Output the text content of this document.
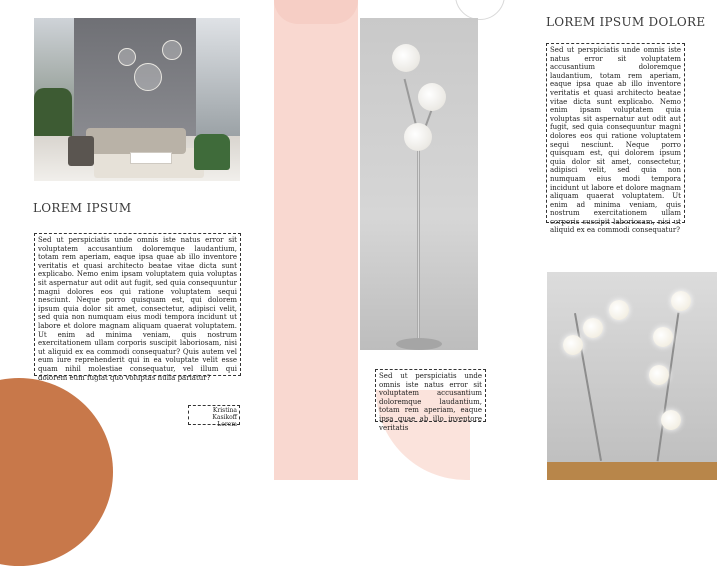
LOREM IPSUM
Sed ut perspiciatis unde omnis iste natus error sit voluptatem accusantium doloremque laudantium, totam rem aperiam, eaque ipsa quae ab illo inventore veritatis et quasi architecto beatae vitae dicta sunt explicabo. Nemo enim ipsam voluptatem quia voluptas sit aspernatur aut odit aut fugit, sed quia consequuntur magni dolores eos qui ratione voluptatem sequi nesciunt. Neque porro quisquam est, qui dolorem ipsum quia dolor sit amet, consectetur, adipisci velit, sed quia non numquam eius modi tempora incidunt ut labore et dolore magnam aliquam quaerat voluptatem. Ut enim ad minima veniam, quis nostrum exercitationem ullam corporis suscipit laboriosam, nisi ut aliquid ex ea commodi consequatur? Quis autem vel eum iure reprehenderit qui in ea voluptate velit esse quam nihil molestiae consequatur, vel illum qui dolorem eum fugiat quo voluptas nulla pariatur?
Kristina Kasikoff
Lorem
Sed ut perspiciatis unde omnis iste natus error sit voluptatem accusantium doloremque laudantium, totam rem aperiam, eaque ipsa quae ab illo inventore veritatis
LOREM IPSUM DOLORE
Sed ut perspiciatis unde omnis iste natus error sit voluptatem accusantium doloremque laudantium, totam rem aperiam, eaque ipsa quae ab illo inventore veritatis et quasi architecto beatae vitae dicta sunt explicabo. Nemo enim ipsam voluptatem quia voluptas sit aspernatur aut odit aut fugit, sed quia consequuntur magni dolores eos qui ratione voluptatem sequi nesciunt. Neque porro quisquam est, qui dolorem ipsum quia dolor sit amet, consectetur, adipisci velit, sed quia non numquam eius modi tempora incidunt ut labore et dolore magnam aliquam quaerat voluptatem. Ut enim ad minima veniam, quis nostrum exercitationem ullam corporis suscipit laboriosam, nisi ut aliquid ex ea commodi consequatur?
